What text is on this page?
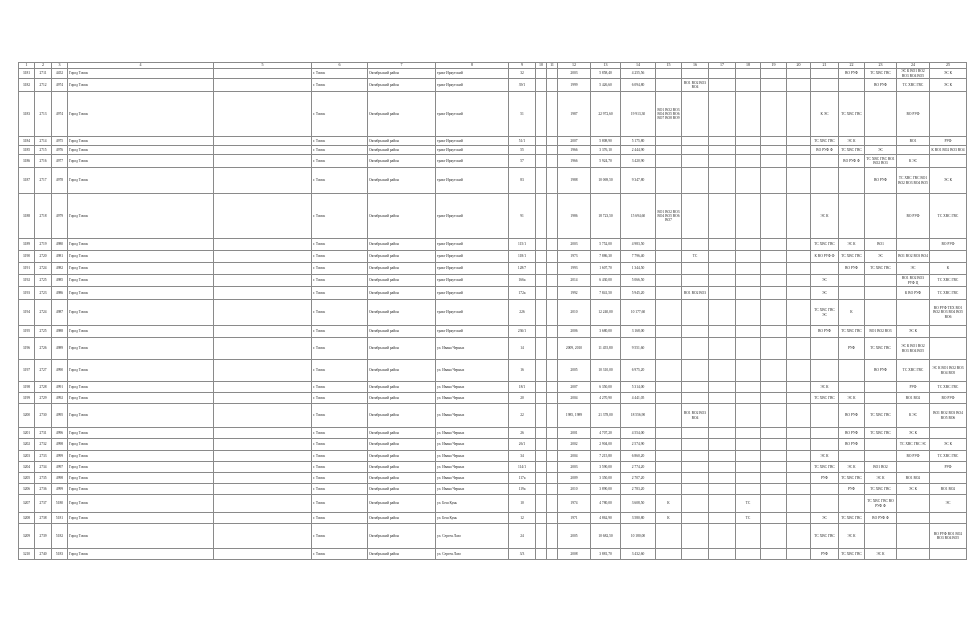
1	2	3	4	5	6	7	8	9	10	11	12	13	14	15	16	17	18	19	20	21	22	23	24	25
3181	2711	4452	Город Томск		г. Томск	Октябрьский район	тракт Иркутский	32			2003	5 858,40	4 255,56								ВО РУФ	ТС ХВС ГВС	ЭС К ВО1 ВО2 ВО3 ВО4 ВО5	ЭС К
3182	2712	4974	Город Томск		г. Томск	Октябрьский район	тракт Иркутский	39/1			1999	5 426,60	6 094,80		ВО1 ВО2 ВО3 ВО4							ВО РУФ	ТС ХВС ГВС	ЭС К
3183	2713	4974	Город Томск		г. Томск	Октябрьский район	тракт Иркутский	51			1987	22 972,60	19 913,30	ВО1 ВО2 ВО3 ВО4 ВО5 ВО6 ВО7 ВО8 ВО9						К ЭС	ТС ХВС ГВС		ВО РУФ	
3184	2714	4975	Город Томск		г. Томск	Октябрьский район	тракт Иркутский	51/1			2007	5 808,90	5 175,80							ТС ХВС ГВС	ЭС К		ВО1	РУФ
3185	2715	4976	Город Томск		г. Томск	Октябрьский район	тракт Иркутский	55			1966	3 376,10	2 444,90							ВО РУФ Ф	ТС ХВС ГВС	ЭС		К ВО1 ВО2 ВО3 ВО4
3186	2716	4977	Город Томск		г. Томск	Октябрьский район	тракт Иркутский	57			1966	5 924,70	3 420,90								ВО РУФ Ф	ТС ХВС ГВС ВО1 ВО2 ВО3	К ЭС	
3187	2717	4978	Город Томск		г. Томск	Октябрьский район	тракт Иркутский	83			1988	10 069,50	9 347,80									ВО РУФ	ТС ХВС ГВС ВО1 ВО2 ВО3 ВО4 ВО5	ЭС К
3188	2718	4979	Город Томск		г. Томск	Октябрьский район	тракт Иркутский	91			1986	18 723,50	15 694,60	ВО1 ВО2 ВО3 ВО4 ВО5 ВО6 ВО7						ЭС К			ВО РУФ	ТС ХВС ГВС
3189	2719	4980	Город Томск		г. Томск	Октябрьский район	тракт Иркутский	115/1			2003	5 752,00	4 983,50							ТС ХВС ГВС	ЭС К	ВО1		ВО РУФ
3190	2720	4981	Город Томск		г. Томск	Октябрьский район	тракт Иркутский	118/1			1973	7 886,30	7 796,40		ТС					К ВО РУФ Ф	ТС ХВС ГВС	ЭС	ВО1 ВО2 ВО3 ВО4	
3191	2724	4982	Город Томск		г. Томск	Октябрьский район	тракт Иркутский	128/7			1993	1 607,70	1 344,50								ВО РУФ	ТС ХВС ГВС	ЭС	К
3192	2725	4985	Город Томск		г. Томск	Октябрьский район	тракт Иркутский	166а			2014	6 430,00	5 066,50							ЭС			ВО1 ВО2 ВО3 РУФ Ц	ТС ХВС ГВС
3193	2723	4986	Город Томск		г. Томск	Октябрьский район	тракт Иркутский	172а			1992	7 841,50	5 945,20		ВО1 ВО2 ВО3					ЭС			К ВО РУФ	ТС ХВС ГВС
3194	2724	4987	Город Томск		г. Томск	Октябрьский район	тракт Иркутский	226			2010	12 240,00	10 177,60							ТС ХВС ГВС ЭС	К			ВО РУФ ТЕХ ВО1 ВО2 ВО3 ВО4 ВО5 ВО6
3195	2725	4988	Город Томск		г. Томск	Октябрьский район	тракт Иркутский	236/1			2006	3 680,00	3 168,00							ВО РУФ	ТС ХВС ГВС	ВО1 ВО2 ВО3	ЭС К	
3196	2726	4989	Город Томск		г. Томск	Октябрьский район	ул. Ивана Черных	14			2009, 2010	11 455,80	9 551,60								РУФ	ТС ХВС ГВС	ЭС К ВО1 ВО2 ВО3 ВО4 ВО5	
3197	2727	4990	Город Томск		г. Томск	Октябрьский район	ул. Ивана Черных	16			2005	10 310,00	6 975,20									ВО РУФ	ТС ХВС ГВС	ЭС К ВО1 ВО2 ВО3 ВО4 ВО5
3198	2728	4991	Город Томск		г. Томск	Октябрьский район	ул. Ивана Черных	18/1			2007	6 350,00	5 314,00							ЭС К			РУФ	ТС ХВС ГВС
3199	2729	4992	Город Томск		г. Томск	Октябрьский район	ул. Ивана Черных	20			2004	4 270,90	4 441,05							ТС ХВС ГВС	ЭС К		ВО1 ВО2	ВО РУФ
3200	2730	4995	Город Томск		г. Томск	Октябрьский район	ул. Ивана Черных	22			1985, 1989	21 378,00	18 556,90		ВО1 ВО2 ВО3 ВО4						ВО РУФ	ТС ХВС ГВС	К ЭС	ВО1 ВО2 ВО3 ВО4 ВО5 ВО6
3201	2731	4996	Город Томск		г. Томск	Октябрьский район	ул. Ивана Черных	26			2001	4 707,20	4 554,00								ВО РУФ	ТС ХВС ГВС	ЭС К	
3202	2732	4998	Город Томск		г. Томск	Октябрьский район	ул. Ивана Черных	26/1			2002	2 904,00	2 574,90								ВО РУФ		ТС ХВС ГВС ЭС	ЭС К
3203	2733	4999	Город Томск		г. Томск	Октябрьский район	ул. Ивана Черных	34			2004	7 215,80	6 860,20							ЭС К			ВО РУФ	ТС ХВС ГВС
3204	2734	4997	Город Томск		г. Томск	Октябрьский район	ул. Ивана Черных	114/1			2003	3 590,00	2 774,20							ТС ХВС ГВС	ЭС К	ВО1 ВО2		РУФ
3205	2735	4998	Город Томск		г. Томск	Октябрьский район	ул. Ивана Черных	117а			2009	3 350,00	2 707,20							РУФ	ТС ХВС ГВС	ЭС К	ВО1 ВО2	
3206	2736	4999	Город Томск		г. Томск	Октябрьский район	ул. Ивана Черных	119а			2010	3 890,00	2 783,20								РУФ	ТС ХВС ГВС	ЭС К	ВО1 ВО2
3207	2737	5180	Город Томск		г. Томск	Октябрьский район	ул. Беш Кунь	10			1974	4 780,00	3 608,50	К			ТС					ТС ХВС ГВС ВО РУФ Ф		ЭС
3208	2738	5181	Город Томск		г. Томск	Октябрьский район	ул. Беш Кунь	12			1971	4 862,90	3 580,80	К			ТС			ЭС	ТС ХВС ГВС	ВО РУФ Ф		
3209	2739	5182	Город Томск		г. Томск	Октябрьский район	ул. Сергея Лазо	24			2005	10 682,50	10 180,00							ТС ХВС ГВС	ЭС К			ВО РУФ ВО1 ВО2 ВО3 ВО4 ВО5
3210	2740	5183	Город Томск		г. Томск	Октябрьский район	ул. Сергея Лазо	3/3			2008	3 881,70	3 432,60							РУФ	ТС ХВС ГВС	ЭС К		
